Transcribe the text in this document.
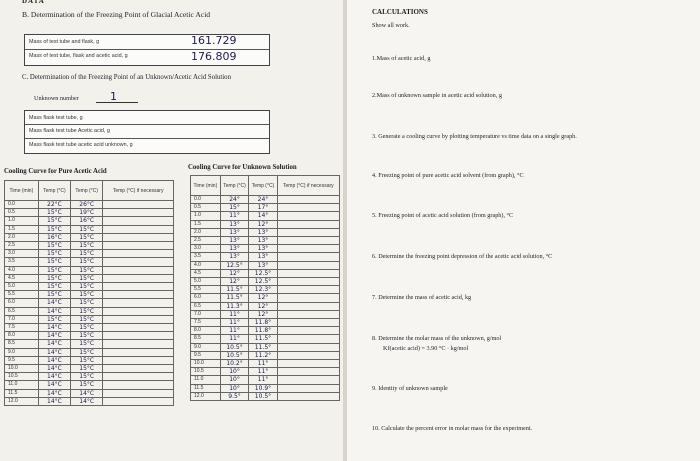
DATA
B. Determination of the Freezing Point of Glacial Acetic Acid
Mass of test tube and flask, g	161.729
Mass of test tube, flask and acetic acid, g	176.809
C. Determination of the Freezing Point of an Unknown/Acetic Acid Solution
Unknown number	1
Mass flask test tube, g
Mass flask test tube Acetic acid, g
Mass flask test tube acetic acid unknown, g
Cooling Curve for Pure Acetic Acid
Time (min)	Temp (°C)	Temp (°C)	Temp (°C) if necessary
0.0	22°C	26°C	
0.5	15°C	19°C	
1.0	15°C	16°C	
1.5	15°C	15°C	
2.0	16°C	15°C	
2.5	15°C	15°C	
3.0	15°C	15°C	
3.5	15°C	15°C	
4.0	15°C	15°C	
4.5	15°C	15°C	
5.0	15°C	15°C	
5.5	15°C	15°C	
6.0	14°C	15°C	
6.5	14°C	15°C	
7.0	15°C	15°C	
7.5	14°C	15°C	
8.0	14°C	15°C	
8.5	14°C	15°C	
9.0	14°C	15°C	
9.5	14°C	15°C	
10.0	14°C	15°C	
10.5	14°C	15°C	
11.0	14°C	15°C	
11.5	14°C	14°C	
12.0	14°C	14°C	
Cooling Curve for Unknown Solution
Time (min)	Temp (°C)	Temp (°C)	Temp (°C) if necessary
0.0	24°	24°	
0.5	15°	17°	
1.0	11°	14°	
1.5	13°	12°	
2.0	13°	13°	
2.5	13°	13°	
3.0	13°	13°	
3.5	13°	13°	
4.0	12.5°	13°	
4.5	12°	12.5°	
5.0	12°	12.5°	
5.5	11.5°	12.3°	
6.0	11.5°	12°	
6.5	11.3°	12°	
7.0	11°	12°	
7.5	11°	11.8°	
8.0	11°	11.8°	
8.5	11°	11.5°	
9.0	10.5°	11.5°	
9.5	10.5°	11.2°	
10.0	10.2°	11°	
10.5	10°	11°	
11.0	10°	11°	
11.5	10°	10.9°	
12.0	9.5°	10.5°	
CALCULATIONS
Show all work.
1.Mass of acetic acid, g
2.Mass of unknown sample in acetic acid solution, g
3. Generate a cooling curve by plotting temperature vs time data on a single graph.
4. Freezing point of pure acetic acid solvent (from graph), °C
5. Freezing point of acetic acid solution (from graph), °C
6. Determine the freezing point depression of the acetic acid solution, °C
7. Determine the mass of acetic acid, kg
8. Determine the molar mass of the unknown, g/mol
Kf(acetic acid) = 3.90 °C · kg/mol
9. Identity of unknown sample
10. Calculate the percent error in molar mass for the experiment.
